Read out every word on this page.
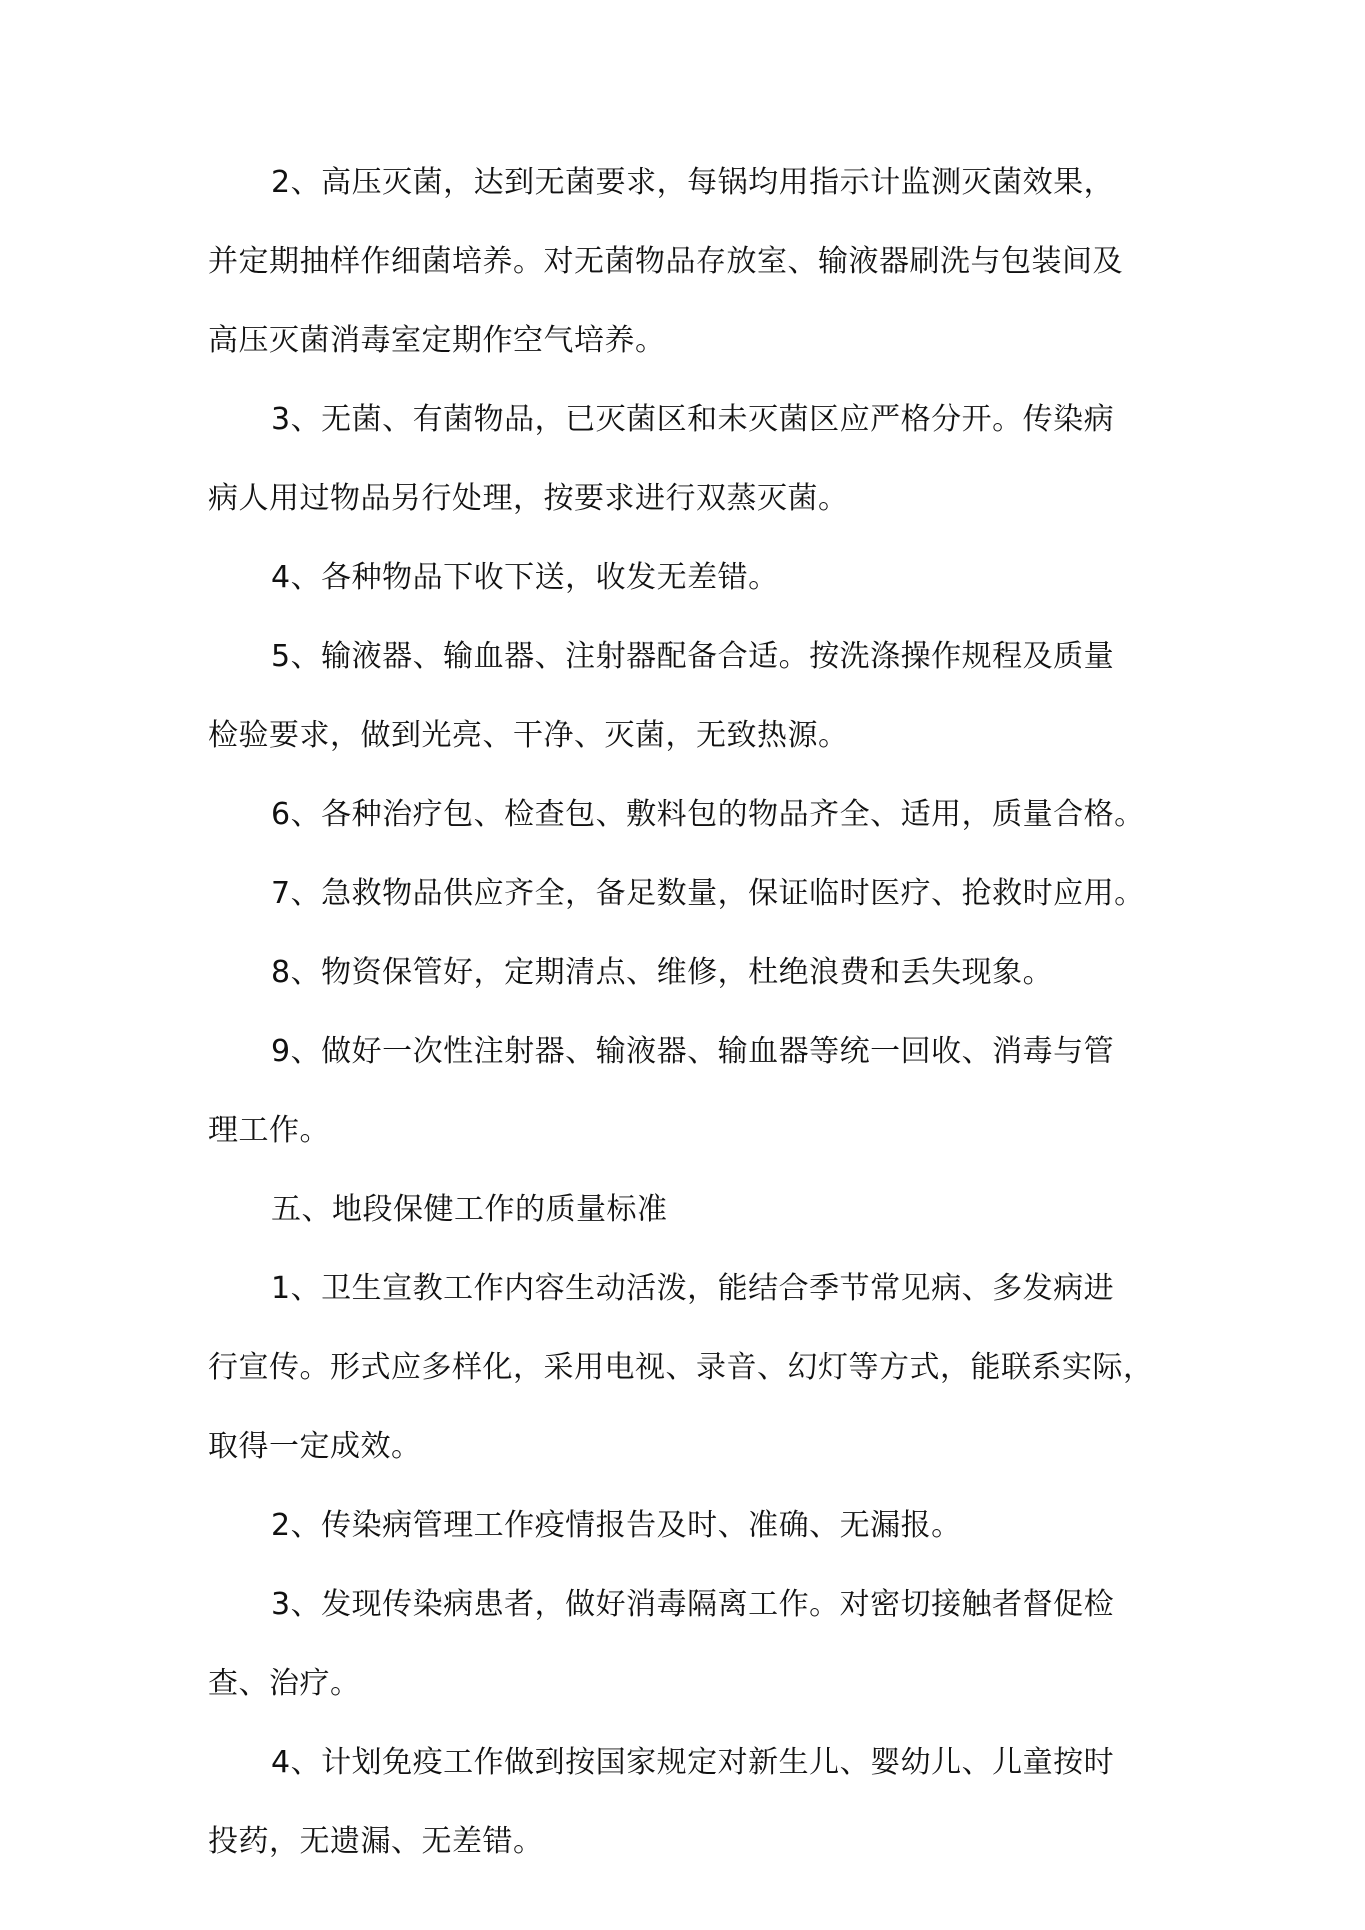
2、高压灭菌，达到无菌要求，每锅均用指示计监测灭菌效果，
并定期抽样作细菌培养。对无菌物品存放室、输液器刷洗与包装间及
高压灭菌消毒室定期作空气培养。
3、无菌、有菌物品，已灭菌区和未灭菌区应严格分开。传染病
病人用过物品另行处理，按要求进行双蒸灭菌。
4、各种物品下收下送，收发无差错。
5、输液器、输血器、注射器配备合适。按洗涤操作规程及质量
检验要求，做到光亮、干净、灭菌，无致热源。
6、各种治疗包、检查包、敷料包的物品齐全、适用，质量合格。
7、急救物品供应齐全，备足数量，保证临时医疗、抢救时应用。
8、物资保管好，定期清点、维修，杜绝浪费和丢失现象。
9、做好一次性注射器、输液器、输血器等统一回收、消毒与管
理工作。
五、地段保健工作的质量标准
1、卫生宣教工作内容生动活泼，能结合季节常见病、多发病进
行宣传。形式应多样化，采用电视、录音、幻灯等方式，能联系实际，
取得一定成效。
2、传染病管理工作疫情报告及时、准确、无漏报。
3、发现传染病患者，做好消毒隔离工作。对密切接触者督促检
查、治疗。
4、计划免疫工作做到按国家规定对新生儿、婴幼儿、儿童按时
投药，无遗漏、无差错。
